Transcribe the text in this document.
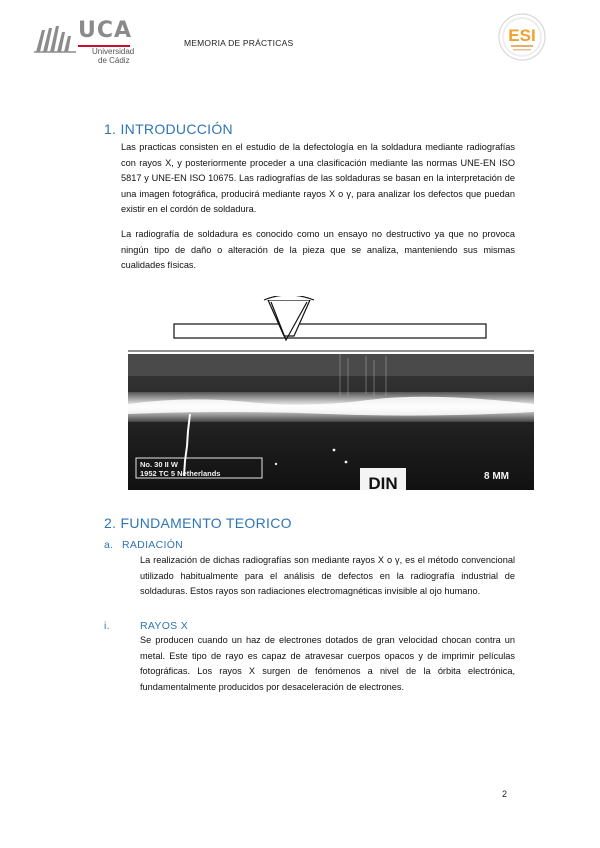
UCA
Universidad
de Cádiz
MEMORIA DE PRÁCTICAS	ESI
1. INTRODUCCIÓN
Las practicas consisten en el estudio de la defectología en la soldadura mediante radiografías con rayos X, y posteriormente proceder a una clasificación mediante las normas UNE-EN ISO 5817 y UNE-EN ISO 10675. Las radiografías de las soldaduras se basan en la interpretación de una imagen fotográfica, producirá mediante rayos X o γ, para analizar los defectos que puedan existir en el cordón de soldadura.
La radiografía de soldadura es conocido como un ensayo no destructivo ya que no provoca ningún tipo de daño o alteración de la pieza que se analiza, manteniendo sus mismas cualidades físicas.
No. 30 II W
1952 TC 5 Netherlands
DIN	8 MM
2. FUNDAMENTO TEORICO
a. RADIACIÓN
La realización de dichas radiografías son mediante rayos X o γ, es el método convencional utilizado habitualmente para el análisis de defectos en la radiografía industrial de soldaduras. Estos rayos son radiaciones electromagnéticas invisible al ojo humano.
i.	RAYOS X
Se producen cuando un haz de electrones dotados de gran velocidad chocan contra un metal. Este tipo de rayo es capaz de atravesar cuerpos opacos y de imprimir películas fotográficas. Los rayos X surgen de fenómenos a nivel de la órbita electrónica, fundamentalmente producidos por desaceleración de electrones.
2
